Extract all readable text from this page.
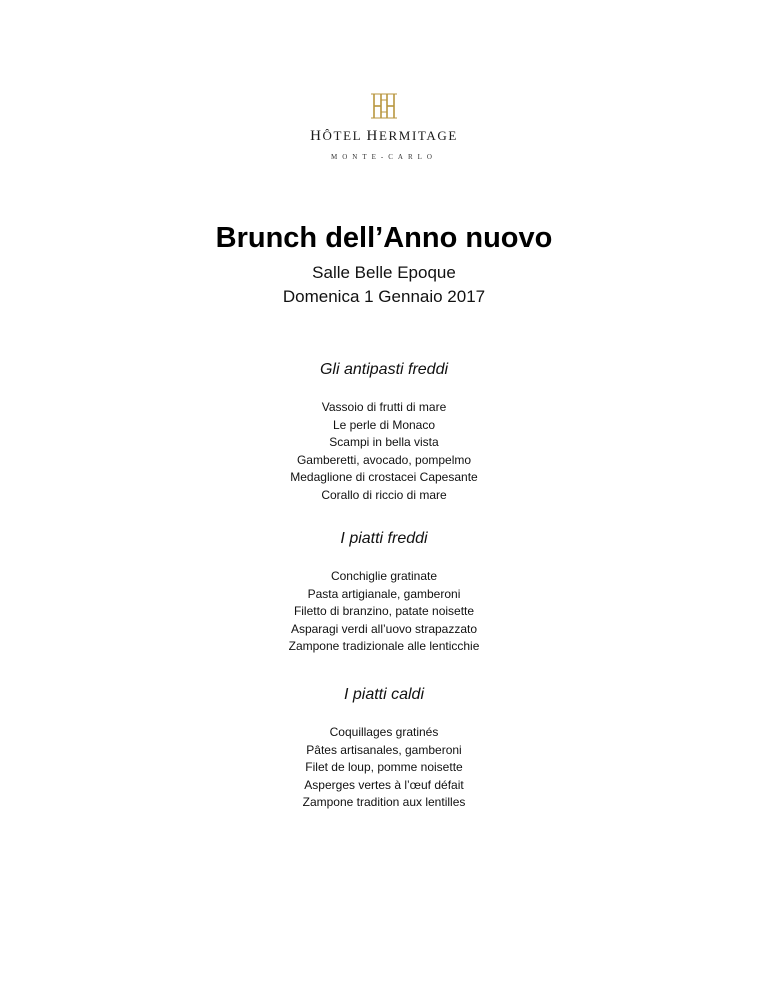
HÔTEL HERMITAGE
MONTE-CARLO
Brunch dell’Anno nuovo
Salle Belle Epoque
Domenica 1 Gennaio 2017
Gli antipasti freddi
Vassoio di frutti di mare
Le perle di Monaco
Scampi in bella vista
Gamberetti, avocado, pompelmo
Medaglione di crostacei Capesante
Corallo di riccio di mare
I piatti freddi
Conchiglie gratinate
Pasta artigianale, gamberoni
Filetto di branzino, patate noisette
Asparagi verdi all’uovo strapazzato
Zampone tradizionale alle lenticchie
I piatti caldi
Coquillages gratinés
Pâtes artisanales, gamberoni
Filet de loup, pomme noisette
Asperges vertes à l’œuf défait
Zampone tradition aux lentilles
